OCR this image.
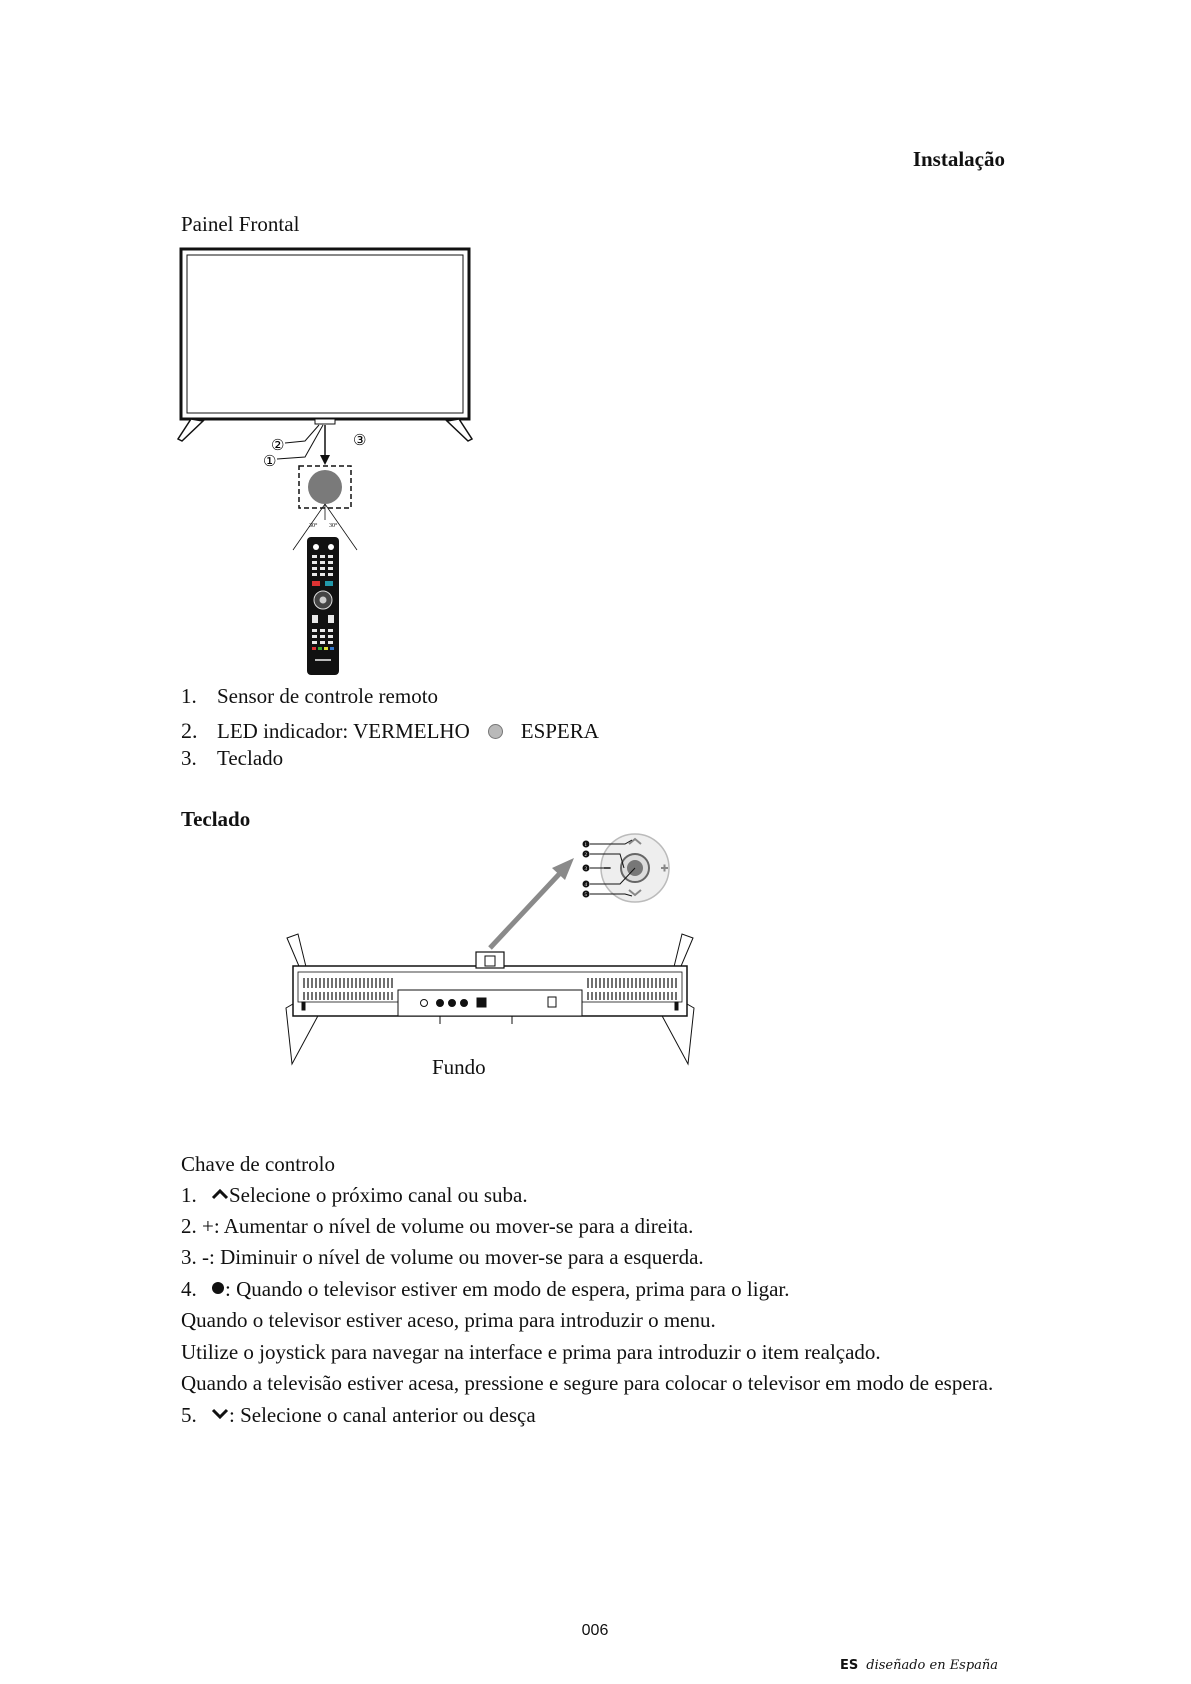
Instalação
Painel Frontal
②
①
③
30° 30°
1. Sensor de controle remoto
2. LED indicador: VERMELHO ESPERA
3. Teclado
Teclado
1
2
3
4
5
Fundo
Chave de controlo
1. Selecione o próximo canal ou suba.
2. +: Aumentar o nível de volume ou mover-se para a direita.
3. -: Diminuir o nível de volume ou mover-se para a esquerda.
4. : Quando o televisor estiver em modo de espera, prima para o ligar.
Quando o televisor estiver aceso, prima para introduzir o menu.
Utilize o joystick para navegar na interface e prima para introduzir o item realçado.
Quando a televisão estiver acesa, pressione e segure para colocar o televisor em modo de espera.
5. : Selecione o canal anterior ou desça
006
ES diseñado en España
